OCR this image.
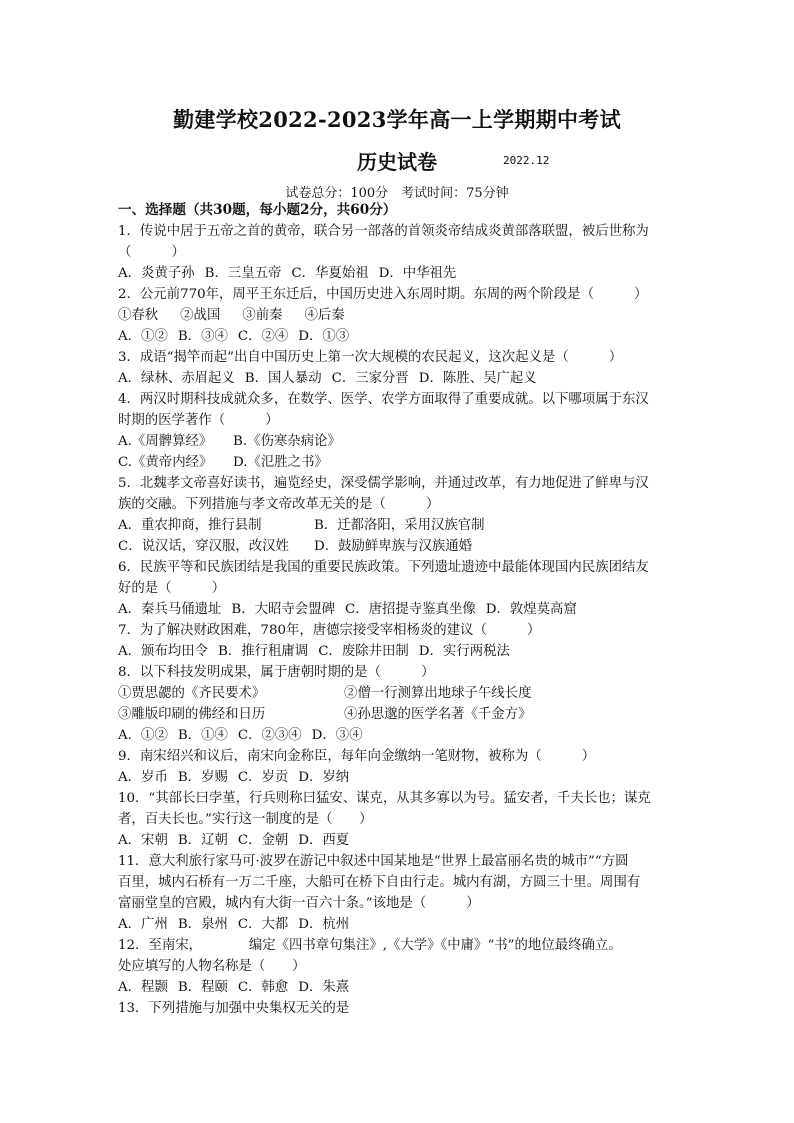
勤建学校2022-2023学年高一上学期期中考试
历史试卷	2022.12
试卷总分：100分　考试时间：75分钟
一、选择题（共30题，每小题2分，共60分）
1．传说中居于五帝之首的黄帝，联合另一部落的首领炎帝结成炎黄部落联盟，被后世称为
（　　　）
A．炎黄子孙 B．三皇五帝 C．华夏始祖 D．中华祖先
2．公元前770年，周平王东迁后，中国历史进入东周时期。东周的两个阶段是（　　　）
①春秋 ②战国 ③前秦 ④后秦
A．①② B．③④ C．②④ D．①③
3．成语“揭竿而起”出自中国历史上第一次大规模的农民起义，这次起义是（　　　）
A．绿林、赤眉起义 B．国人暴动 C．三家分晋 D．陈胜、吴广起义
4．两汉时期科技成就众多，在数学、医学、农学方面取得了重要成就。以下哪项属于东汉
时期的医学著作（　　　）
A.《周髀算经》 B.《伤寒杂病论》
C.《黄帝内经》 D.《氾胜之书》
5．北魏孝文帝喜好读书，遍览经史，深受儒学影响，并通过改革，有力地促进了鲜卑与汉
族的交融。下列措施与孝文帝改革无关的是（　　　）
A．重农抑商，推行县制	B．迁都洛阳，采用汉族官制
C．说汉话，穿汉服，改汉姓 D．鼓励鲜卑族与汉族通婚
6．民族平等和民族团结是我国的重要民族政策。下列遗址遗迹中最能体现国内民族团结友
好的是（　　　）
A．秦兵马俑遗址 B．大昭寺会盟碑 C．唐招提寺鉴真坐像 D．敦煌莫高窟
7．为了解决财政困难，780年，唐德宗接受宰相杨炎的建议（　　　）
A．颁布均田令 B．推行租庸调 C．废除井田制 D．实行两税法
8．以下科技发明成果，属于唐朝时期的是（　　　）
①贾思勰的《齐民要术》	②僧一行测算出地球子午线长度
③雕版印刷的佛经和日历	④孙思邈的医学名著《千金方》
A．①② B．①④ C．②③④ D．③④
9．南宋绍兴和议后，南宋向金称臣，每年向金缴纳一笔财物，被称为（　　　）
A．岁币 B．岁赐 C．岁贡 D．岁纳
10．“其部长曰孛堇，行兵则称曰猛安、谋克，从其多寡以为号。猛安者，千夫长也；谋克
者，百夫长也。”实行这一制度的是（　　）
A．宋朝 B．辽朝 C．金朝 D．西夏
11．意大利旅行家马可·波罗在游记中叙述中国某地是“世界上最富丽名贵的城市”“方圆
百里，城内石桥有一万二千座，大船可在桥下自由行走。城内有湖，方圆三十里。周围有
富丽堂皇的宫殿，城内有大街一百六十条。”该地是（　　　）
A．广州 B．泉州 C．大都 D．杭州
12．至南宋，　　　　编定《四书章句集注》,《大学》《中庸》“书”的地位最终确立。
处应填写的人物名称是（　　）
A．程颢 B．程颐 C．韩愈 D．朱熹
13．下列措施与加强中央集权无关的是
